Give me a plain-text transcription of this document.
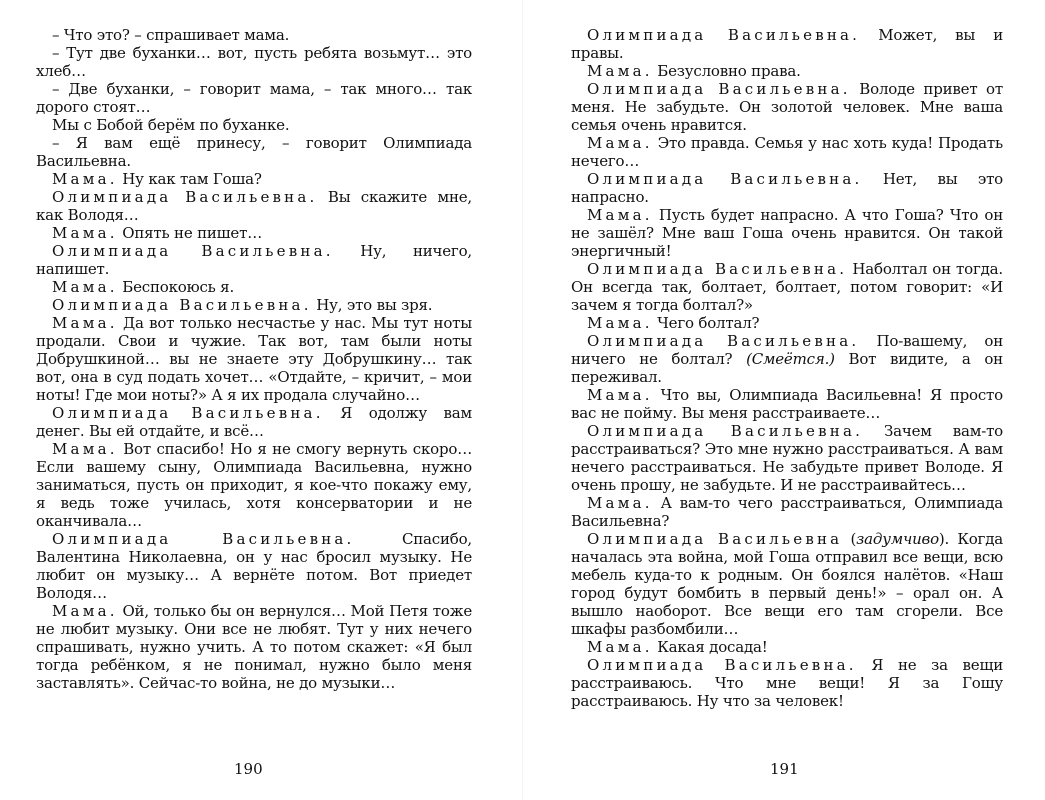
– Что это? – спрашивает мама.

– Тут две буханки… вот, пусть ребята возьмут… это хлеб…

– Две буханки, – говорит мама, – так много… так дорого стоят…

Мы с Бобой берём по буханке.

– Я вам ещё принесу, – говорит Олимпиада Васильевна.

Мама. Ну как там Гоша?

Олимпиада Васильевна. Вы скажите мне, как Володя…

Мама. Опять не пишет…

Олимпиада Васильевна. Ну, ничего, напишет.

Мама. Беспокоюсь я.

Олимпиада Васильевна. Ну, это вы зря.

Мама. Да вот только несчастье у нас. Мы тут ноты продали. Свои и чужие. Так вот, там были ноты Добрушкиной… вы не знаете эту Добрушкину… так вот, она в суд подать хочет… «Отдайте, – кричит, – мои ноты! Где мои ноты?» А я их продала случайно…

Олимпиада Васильевна. Я одолжу вам денег. Вы ей отдайте, и всё…

Мама. Вот спасибо! Но я не смогу вернуть скоро… Если вашему сыну, Олимпиада Васильевна, нужно заниматься, пусть он приходит, я кое-что покажу ему, я ведь тоже училась, хотя консерватории и не оканчивала…

Олимпиада Васильевна. Спасибо, Валентина Николаевна, он у нас бросил музыку. Не любит он музыку… А вернёте потом. Вот приедет Володя…

Мама. Ой, только бы он вернулся… Мой Петя тоже не любит музыку. Они все не любят. Тут у них нечего спрашивать, нужно учить. А то потом скажет: «Я был тогда ребёнком, я не понимал, нужно было меня заставлять». Сейчас-то война, не до музыки…

190

Олимпиада Васильевна. Может, вы и правы.

Мама. Безусловно права.

Олимпиада Васильевна. Володе привет от меня. Не забудьте. Он золотой человек. Мне ваша семья очень нравится.

Мама. Это правда. Семья у нас хоть куда! Продать нечего…

Олимпиада Васильевна. Нет, вы это напрасно.

Мама. Пусть будет напрасно. А что Гоша? Что он не зашёл? Мне ваш Гоша очень нравится. Он такой энергичный!

Олимпиада Васильевна. Наболтал он тогда. Он всегда так, болтает, болтает, потом говорит: «И зачем я тогда болтал?»

Мама. Чего болтал?

Олимпиада Васильевна. По-вашему, он ничего не болтал? (Смеётся.) Вот видите, а он переживал.

Мама. Что вы, Олимпиада Васильевна! Я просто вас не пойму. Вы меня расстраиваете…

Олимпиада Васильевна. Зачем вам-то расстраиваться? Это мне нужно расстраиваться. А вам нечего расстраиваться. Не забудьте привет Володе. Я очень прошу, не забудьте. И не расстраивайтесь…

Мама. А вам-то чего расстраиваться, Олимпиада Васильевна?

Олимпиада Васильевна (задумчиво). Когда началась эта война, мой Гоша отправил все вещи, всю мебель куда-то к родным. Он боялся налётов. «Наш город будут бомбить в первый день!» – орал он. А вышло наоборот. Все вещи его там сгорели. Все шкафы разбомбили…

Мама. Какая досада!

Олимпиада Васильевна. Я не за вещи расстраиваюсь. Что мне вещи! Я за Гошу расстраиваюсь. Ну что за человек!

191
